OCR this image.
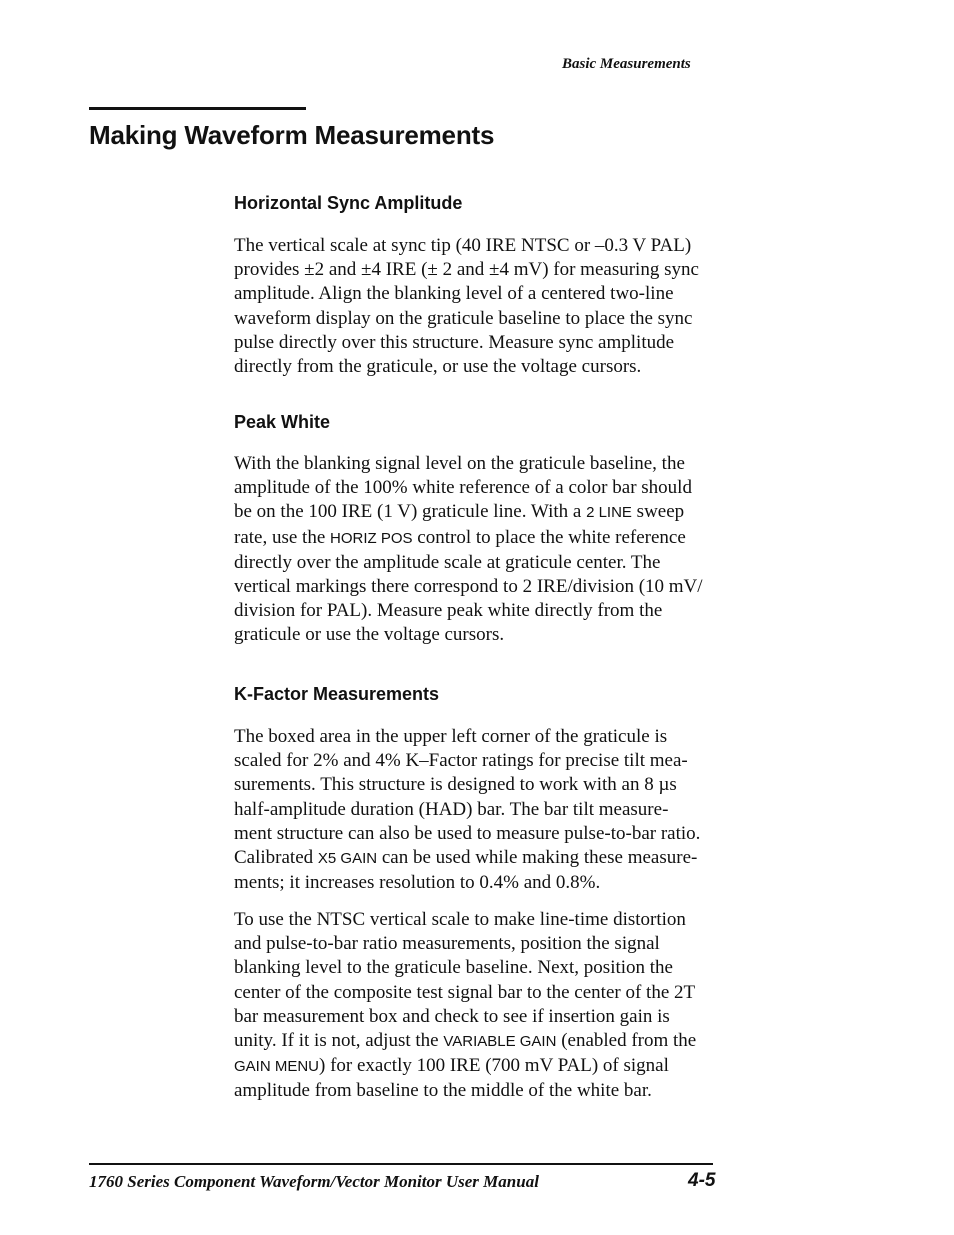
Basic Measurements
Making Waveform Measurements
Horizontal Sync Amplitude

The vertical scale at sync tip (40 IRE NTSC or –0.3 V PAL)
provides ±2 and ±4 IRE (± 2 and ±4 mV) for measuring sync
amplitude. Align the blanking level of a centered two-line
waveform display on the graticule baseline to place the sync
pulse directly over this structure. Measure sync amplitude
directly from the graticule, or use the voltage cursors.

Peak White

With the blanking signal level on the graticule baseline, the
amplitude of the 100% white reference of a color bar should
be on the 100 IRE (1 V) graticule line. With a 2 LINE sweep
rate, use the HORIZ POS control to place the white reference
directly over the amplitude scale at graticule center. The
vertical markings there correspond to 2 IRE/division (10 mV/
division for PAL). Measure peak white directly from the
graticule or use the voltage cursors.

K-Factor Measurements

The boxed area in the upper left corner of the graticule is
scaled for 2% and 4% K–Factor ratings for precise tilt mea-
surements. This structure is designed to work with an 8 µs
half-amplitude duration (HAD) bar. The bar tilt measure-
ment structure can also be used to measure pulse-to-bar ratio.
Calibrated X5 GAIN can be used while making these measure-
ments; it increases resolution to 0.4% and 0.8%.

To use the NTSC vertical scale to make line-time distortion
and pulse-to-bar ratio measurements, position the signal
blanking level to the graticule baseline. Next, position the
center of the composite test signal bar to the center of the 2T
bar measurement box and check to see if insertion gain is
unity. If it is not, adjust the VARIABLE GAIN (enabled from the
GAIN MENU) for exactly 100 IRE (700 mV PAL) of signal
amplitude from baseline to the middle of the white bar.

1760 Series Component Waveform/Vector Monitor User Manual	4-5
